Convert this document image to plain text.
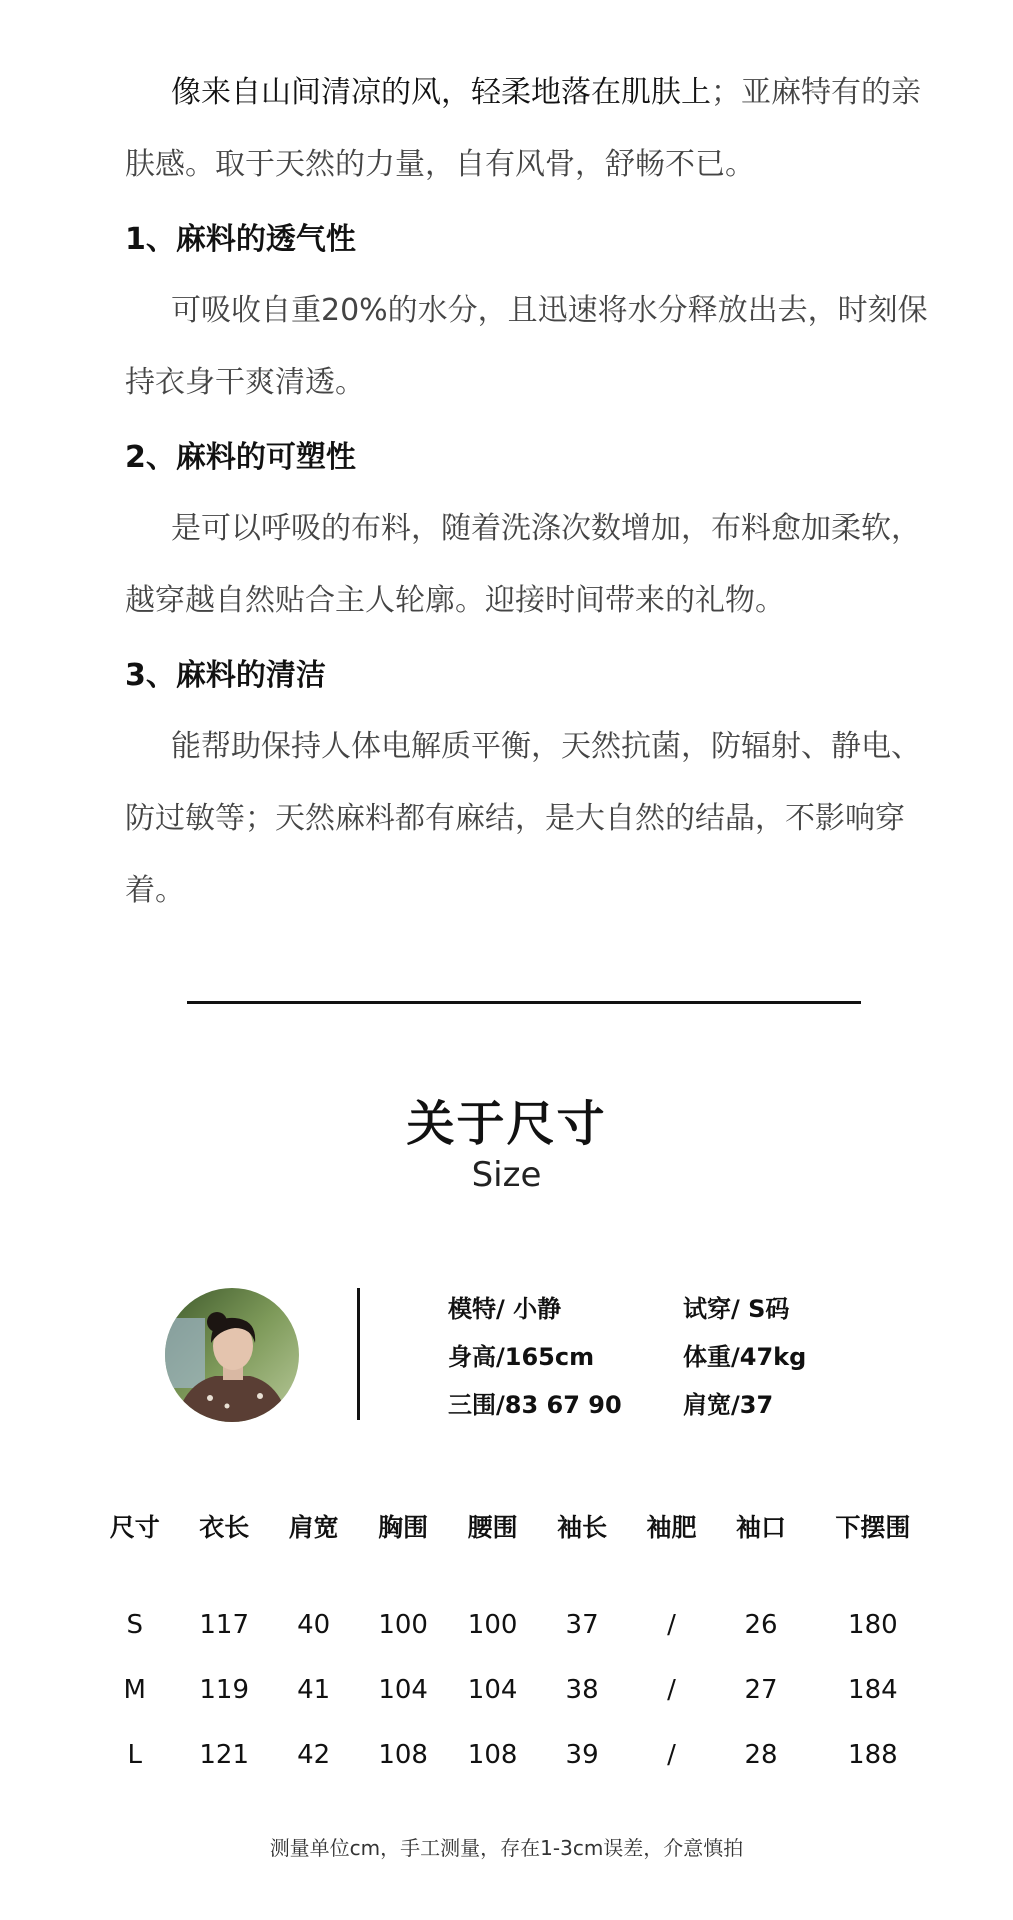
像来自山间清凉的风，轻柔地落在肌肤上；亚麻特有的亲肤感。取于天然的力量，自有风骨，舒畅不已。

1、麻料的透气性

可吸收自重20%的水分，且迅速将水分释放出去，时刻保持衣身干爽清透。

2、麻料的可塑性

是可以呼吸的布料，随着洗涤次数增加，布料愈加柔软，越穿越自然贴合主人轮廓。迎接时间带来的礼物。

3、麻料的清洁

能帮助保持人体电解质平衡，天然抗菌，防辐射、静电、防过敏等；天然麻料都有麻结，是大自然的结晶，不影响穿着。

关于尺寸
Size
模特/ 小静	试穿/ S码
身高/165cm	体重/47kg
三围/83 67 90	肩宽/37
尺寸	衣长	肩宽	胸围	腰围	袖长	袖肥	袖口	下摆围

S	117	40	100	100	37	/	26	180
M	119	41	104	104	38	/	27	184
L	121	42	108	108	39	/	28	188
测量单位cm，手工测量，存在1-3cm误差，介意慎拍
